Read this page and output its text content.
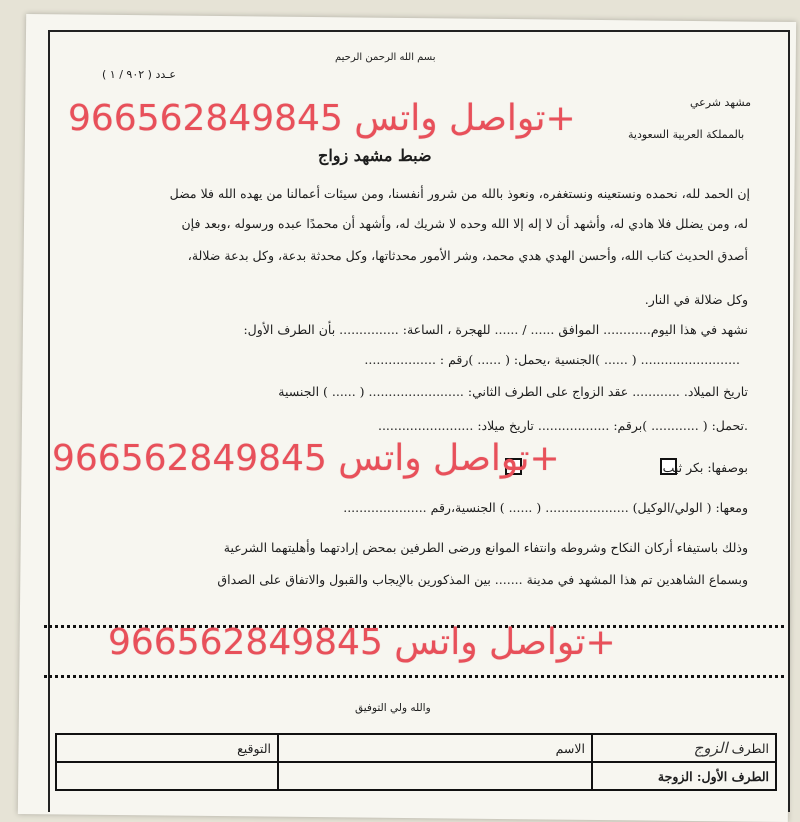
بسم الله الرحمن الرحيم
عـدد ( ٩٠٢ / ١ )
مشهد شرعي
بالمملكة العربية السعودية
ضبط مشهد زواج
إن الحمد لله، نحمده ونستعينه ونستغفره، ونعوذ بالله من شرور أنفسنا، ومن سيئات أعمالنا من يهده الله فلا مضل
له، ومن يضلل فلا هادي له، وأشهد أن لا إله إلا الله وحده لا شريك له، وأشهد أن محمدًا عبده ورسوله ،وبعد فإن
أصدق الحديث كتاب الله، وأحسن الهدي هدي محمد، وشر الأمور محدثاتها، وكل محدثة بدعة، وكل بدعة ضلالة،
وكل ضلالة في النار.
نشهد في هذا اليوم............ الموافق ...... / ...... للهجرة ، الساعة: ............... بأن الطرف الأول:
......................... ( ...... )الجنسية ،يحمل: ( ...... )رقم : ..................
تاريخ الميلاد. ............ عقد الزواج على الطرف الثاني: ........................ ( ...... ) الجنسية
.تحمل: ( ............ )برقم: .................. تاريخ ميلاد: ........................
بوصفها: بكر ثيب
ومعها: ( الولي/الوكيل) ..................... ( ...... ) الجنسية،رقم .....................
وذلك باستيفاء أركان النكاح وشروطه وانتفاء الموانع ورضى الطرفين بمحض إرادتهما وأهليتهما الشرعية
وبسماع الشاهدين تم هذا المشهد في مدينة ....... بين المذكورين بالإيجاب والقبول والاتفاق على الصداق
والله ولي التوفيق
الطرف الزوج	الاسم	التوقيع
الطرف الأول: الزوجة		
تواصل واتس 966562849845+
تواصل واتس 966562849845+
تواصل واتس 966562849845+
